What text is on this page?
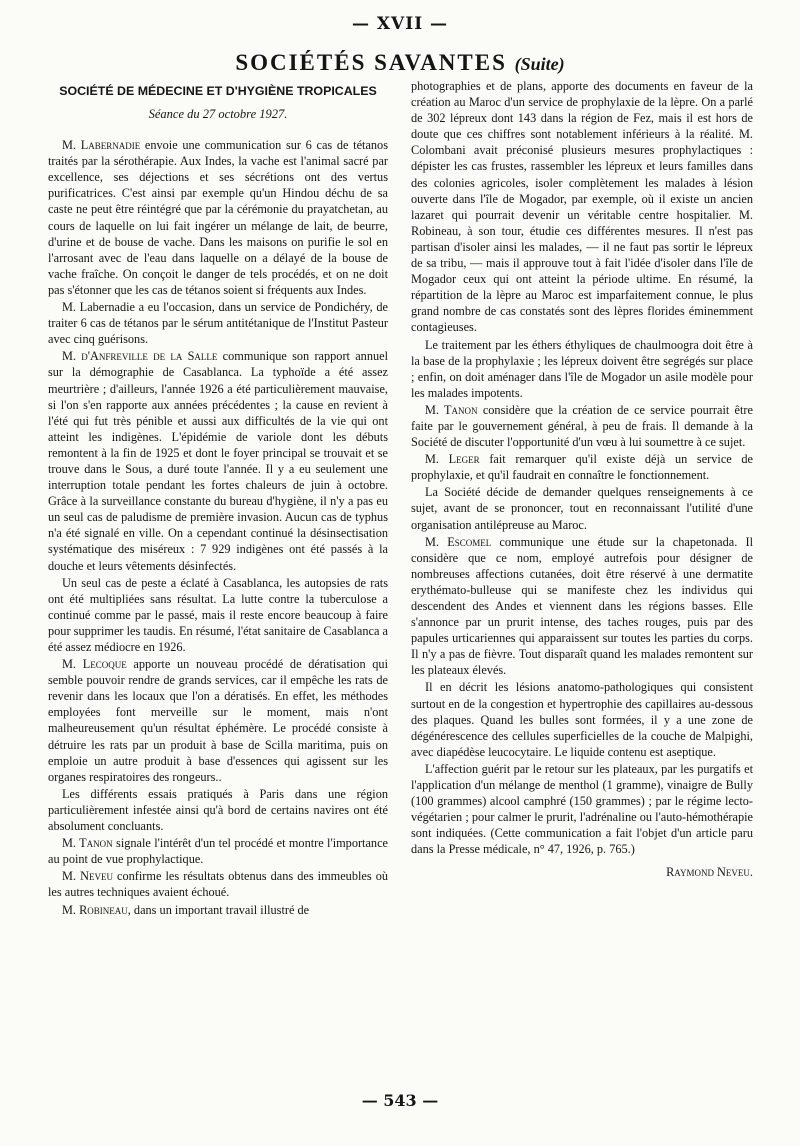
— XVII —
SOCIÉTÉS SAVANTES (Suite)
SOCIÉTÉ DE MÉDECINE ET D'HYGIÈNE TROPICALES
Séance du 27 octobre 1927.

M. Labernadie envoie une communication sur 6 cas de tétanos traités par la sérothérapie. Aux Indes, la vache est l'animal sacré par excellence, ses déjections et ses sécrétions ont des vertus purificatrices. C'est ainsi par exemple qu'un Hindou déchu de sa caste ne peut être réintégré que par la cérémonie du prayatchetan, au cours de laquelle on lui fait ingérer un mélange de lait, de beurre, d'urine et de bouse de vache. Dans les maisons on purifie le sol en l'arrosant avec de l'eau dans laquelle on a délayé de la bouse de vache fraîche. On conçoit le danger de tels procédés, et on ne doit pas s'étonner que les cas de tétanos soient si fréquents aux Indes.

M. Labernadie a eu l'occasion, dans un service de Pondichéry, de traiter 6 cas de tétanos par le sérum antitétanique de l'Institut Pasteur avec cinq guérisons.

M. d'Anfreville de la Salle communique son rapport annuel sur la démographie de Casablanca. La typhoïde a été assez meurtrière ; d'ailleurs, l'année 1926 a été particulièrement mauvaise, si l'on s'en rapporte aux années précédentes ; la cause en revient à l'été qui fut très pénible et aussi aux difficultés de la vie qui ont atteint les indigènes. L'épidémie de variole dont les débuts remontent à la fin de 1925 et dont le foyer principal se trouvait et se trouve dans le Sous, a duré toute l'année. Il y a eu seulement une interruption totale pendant les fortes chaleurs de juin à octobre. Grâce à la surveillance constante du bureau d'hygiène, il n'y a pas eu un seul cas de paludisme de première invasion. Aucun cas de typhus n'a été signalé en ville. On a cependant continué la désinsectisation systématique des miséreux : 7 929 indigènes ont été passés à la douche et leurs vêtements désinfectés.

Un seul cas de peste a éclaté à Casablanca, les autopsies de rats ont été multipliées sans résultat. La lutte contre la tuberculose a continué comme par le passé, mais il reste encore beaucoup à faire pour supprimer les taudis. En résumé, l'état sanitaire de Casablanca a été assez médiocre en 1926.

M. Lecoque apporte un nouveau procédé de dératisation qui semble pouvoir rendre de grands services, car il empêche les rats de revenir dans les locaux que l'on a dératisés. En effet, les méthodes employées font merveille sur le moment, mais n'ont malheureusement qu'un résultat éphémère. Le procédé consiste à détruire les rats par un produit à base de Scilla maritima, puis on emploie un autre produit à base d'essences qui agissent sur les organes respiratoires des rongeurs..

Les différents essais pratiqués à Paris dans une région particulièrement infestée ainsi qu'à bord de certains navires ont été absolument concluants.

M. Tanon signale l'intérêt d'un tel procédé et montre l'importance au point de vue prophylactique.

M. Neveu confirme les résultats obtenus dans des immeubles où les autres techniques avaient échoué.

M. Robineau, dans un important travail illustré de

photographies et de plans, apporte des documents en faveur de la création au Maroc d'un service de prophylaxie de la lèpre. On a parlé de 302 lépreux dont 143 dans la région de Fez, mais il est hors de doute que ces chiffres sont notablement inférieurs à la réalité. M. Colombani avait préconisé plusieurs mesures prophylactiques : dépister les cas frustes, rassembler les lépreux et leurs familles dans des colonies agricoles, isoler complètement les malades à lésion ouverte dans l'île de Mogador, par exemple, où il existe un ancien lazaret qui pourrait devenir un véritable centre hospitalier. M. Robineau, à son tour, étudie ces différentes mesures. Il n'est pas partisan d'isoler ainsi les malades, — il ne faut pas sortir le lépreux de sa tribu, — mais il approuve tout à fait l'idée d'isoler dans l'île de Mogador ceux qui ont atteint la période ultime. En résumé, la répartition de la lèpre au Maroc est imparfaitement connue, le plus grand nombre de cas constatés sont des lèpres florides éminemment contagieuses.

Le traitement par les éthers éthyliques de chaulmoogra doit être à la base de la prophylaxie ; les lépreux doivent être segrégés sur place ; enfin, on doit aménager dans l'île de Mogador un asile modèle pour les malades impotents.

M. Tanon considère que la création de ce service pourrait être faite par le gouvernement général, à peu de frais. Il demande à la Société de discuter l'opportunité d'un vœu à lui soumettre à ce sujet.

M. Leger fait remarquer qu'il existe déjà un service de prophylaxie, et qu'il faudrait en connaître le fonctionnement.

La Société décide de demander quelques renseignements à ce sujet, avant de se prononcer, tout en reconnaissant l'utilité d'une organisation antilépreuse au Maroc.

M. Escomel communique une étude sur la chapetonada. Il considère que ce nom, employé autrefois pour désigner de nombreuses affections cutanées, doit être réservé à une dermatite erythémato-bulleuse qui se manifeste chez les individus qui descendent des Andes et viennent dans les régions basses. Elle s'annonce par un prurit intense, des taches rouges, puis par des papules urticariennes qui apparaissent sur toutes les parties du corps. Il n'y a pas de fièvre. Tout disparaît quand les malades remontent sur les plateaux élevés.

Il en décrit les lésions anatomo-pathologiques qui consistent surtout en de la congestion et hypertrophie des capillaires au-dessous des plaques. Quand les bulles sont formées, il y a une zone de dégénérescence des cellules superficielles de la couche de Malpighi, avec diapédèse leucocytaire. Le liquide contenu est aseptique.

L'affection guérit par le retour sur les plateaux, par les purgatifs et l'application d'un mélange de menthol (1 gramme), vinaigre de Bully (100 grammes) alcool camphré (150 grammes) ; par le régime lecto-végétarien ; pour calmer le prurit, l'adrénaline ou l'auto-hémothérapie sont indiquées. (Cette communication a fait l'objet d'un article paru dans la Presse médicale, n° 47, 1926, p. 765.)

Raymond Neveu.
— 543 —
